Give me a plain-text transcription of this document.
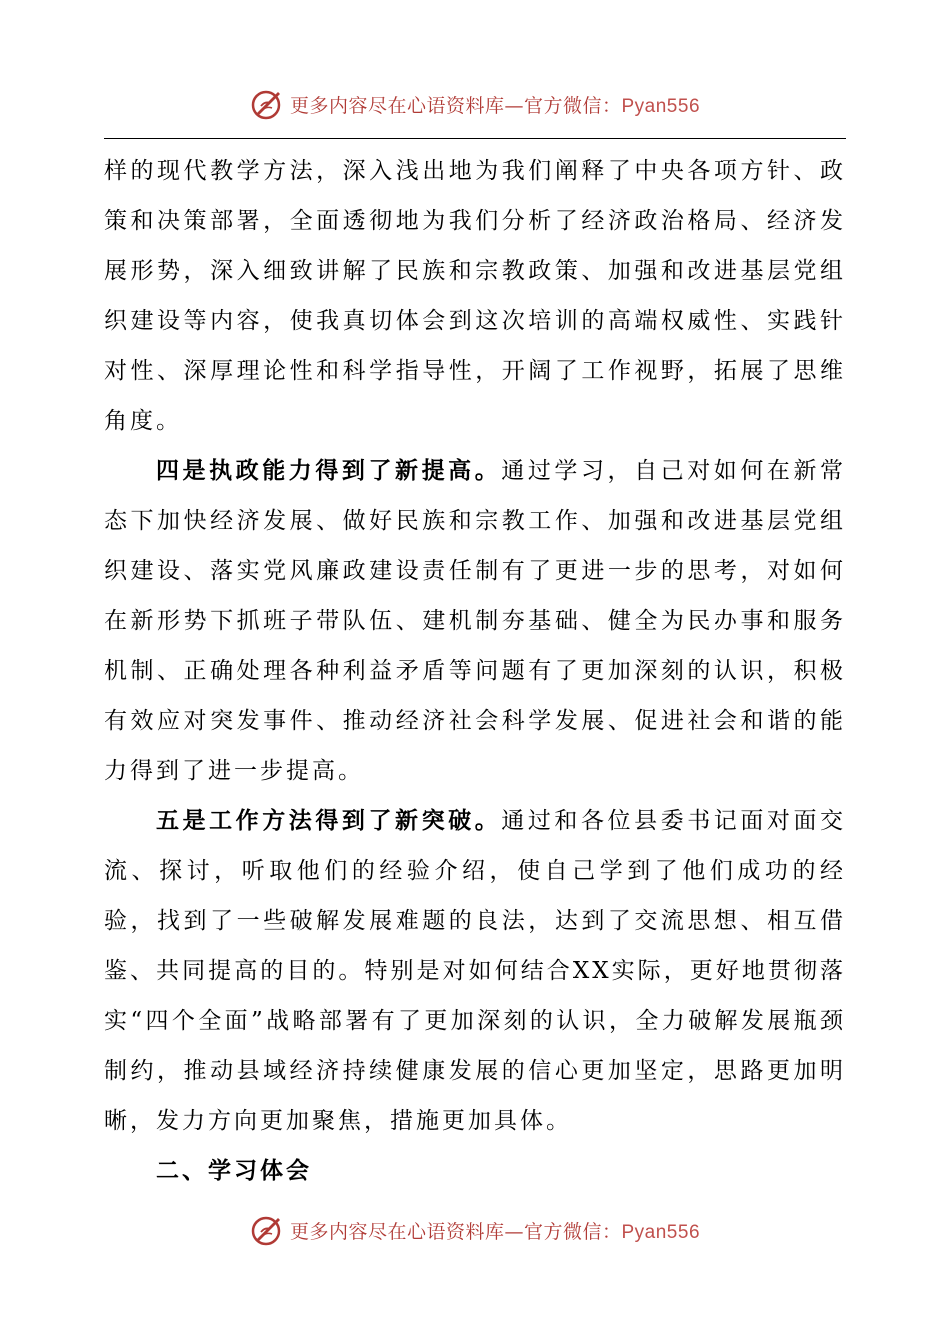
更多内容尽在心语资料库—官方微信：Pyan556

样的现代教学方法，深入浅出地为我们阐释了中央各项方针、政策和决策部署，全面透彻地为我们分析了经济政治格局、经济发展形势，深入细致讲解了民族和宗教政策、加强和改进基层党组织建设等内容，使我真切体会到这次培训的高端权威性、实践针对性、深厚理论性和科学指导性，开阔了工作视野，拓展了思维角度。

四是执政能力得到了新提高。通过学习，自己对如何在新常态下加快经济发展、做好民族和宗教工作、加强和改进基层党组织建设、落实党风廉政建设责任制有了更进一步的思考，对如何在新形势下抓班子带队伍、建机制夯基础、健全为民办事和服务机制、正确处理各种利益矛盾等问题有了更加深刻的认识，积极有效应对突发事件、推动经济社会科学发展、促进社会和谐的能力得到了进一步提高。

五是工作方法得到了新突破。通过和各位县委书记面对面交流、探讨，听取他们的经验介绍，使自己学到了他们成功的经验，找到了一些破解发展难题的良法，达到了交流思想、相互借鉴、共同提高的目的。特别是对如何结合XX实际，更好地贯彻落实“四个全面”战略部署有了更加深刻的认识，全力破解发展瓶颈制约，推动县域经济持续健康发展的信心更加坚定，思路更加明晰，发力方向更加聚焦，措施更加具体。

二、学习体会

更多内容尽在心语资料库—官方微信：Pyan556
